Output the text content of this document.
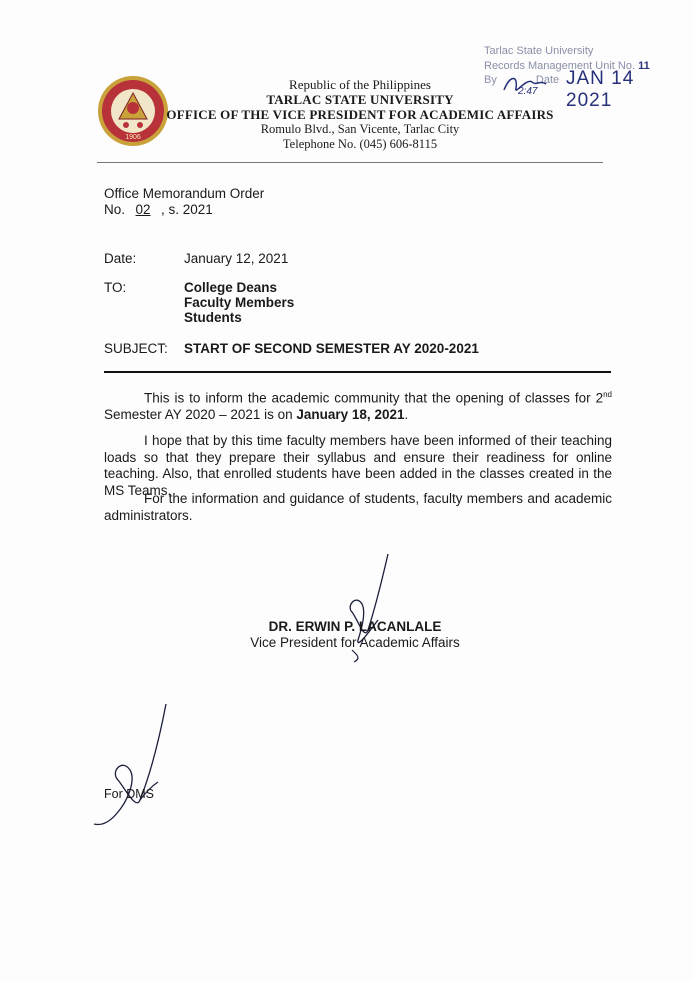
1906
Republic of the Philippines
TARLAC STATE UNIVERSITY
OFFICE OF THE VICE PRESIDENT FOR ACADEMIC AFFAIRS
Romulo Blvd., San Vicente, Tarlac City
Telephone No. (045) 606-8115
Tarlac State University
Records Management Unit No. 11
By	Date JAN 14 2021
2:47
Office Memorandum Order
No. 02 , s. 2021
Date:	January 12, 2021
TO:	College Deans
Faculty Members
Students
SUBJECT: START OF SECOND SEMESTER AY 2020-2021
This is to inform the academic community that the opening of classes for 2nd Semester AY 2020 – 2021 is on January 18, 2021.
I hope that by this time faculty members have been informed of their teaching loads so that they prepare their syllabus and ensure their readiness for online teaching. Also, that enrolled students have been added in the classes created in the MS Teams.
For the information and guidance of students, faculty members and academic administrators.
DR. ERWIN P. LACANLALE
Vice President for Academic Affairs
For DMS
